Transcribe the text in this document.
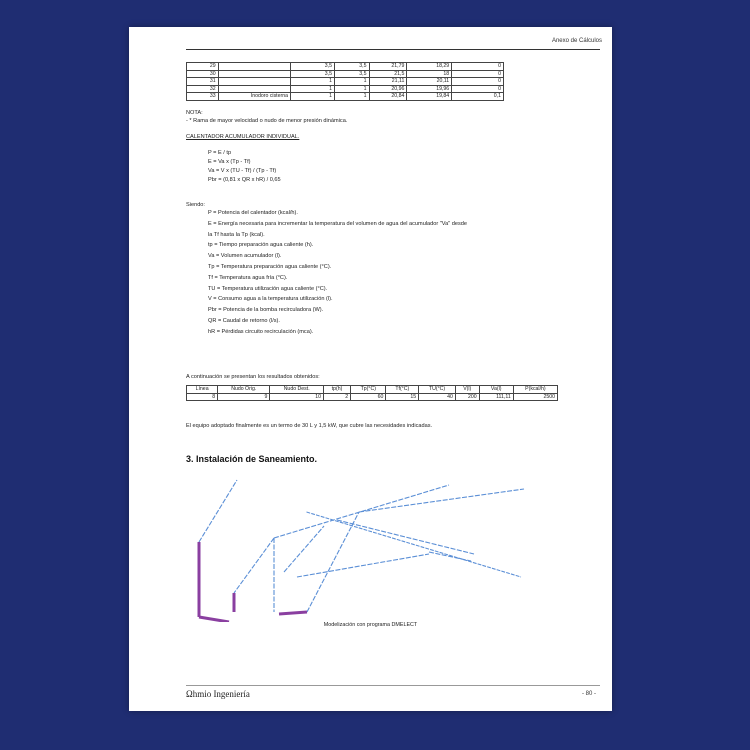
Anexo de Cálculos
29		3,5	3,5	21,79	18,29	0
30		3,5	3,5	21,5	18	0
31		1	1	21,11	20,11	0
32		1	1	20,96	19,96	0
33	Inodoro cisterna	1	1	20,84	19,84	0,1
NOTA:
- * Rama de mayor velocidad o nudo de menor presión dinámica.
CALENTADOR ACUMULADOR INDIVIDUAL.
P = E / tp
E = Va x (Tp - Tf)
Va = V x (TU - Tf) / (Tp - Tf)
Pbr = (0,81 x QR x hR) / 0,65
Siendo:
P = Potencia del calentador (kcal/h).
E = Energía necesaria para incrementar la temperatura del volumen de agua del acumulador "Va" desde
la Tf hasta la Tp (kcal).
tp = Tiempo preparación agua caliente (h).
Va = Volumen acumulador (l).
Tp = Temperatura preparación agua caliente (°C).
Tf = Temperatura agua fría (°C).
TU = Temperatura utilización agua caliente (°C).
V = Consumo agua a la temperatura utilización (l).
Pbr = Potencia de la bomba recirculadora (W).
QR = Caudal de retorno (l/s).
hR = Pérdidas circuito recirculación (mca).
A continuación se presentan los resultados obtenidos:
Línea	Nudo Orig.	Nudo Dest.	tp(h)	Tp(°C)	Tf(°C)	TU(°C)	V(l)	Va(l)	P(kcal/h)
8	9	10	2	60	15	40	200	111,11	2500
El equipo adoptado finalmente es un termo de 30 L y 1,5 kW, que cubre las necesidades indicadas.
3. Instalación de Saneamiento.
Modelización con programa DMELECT
Ωhmio Ingeniería	- 80 -
